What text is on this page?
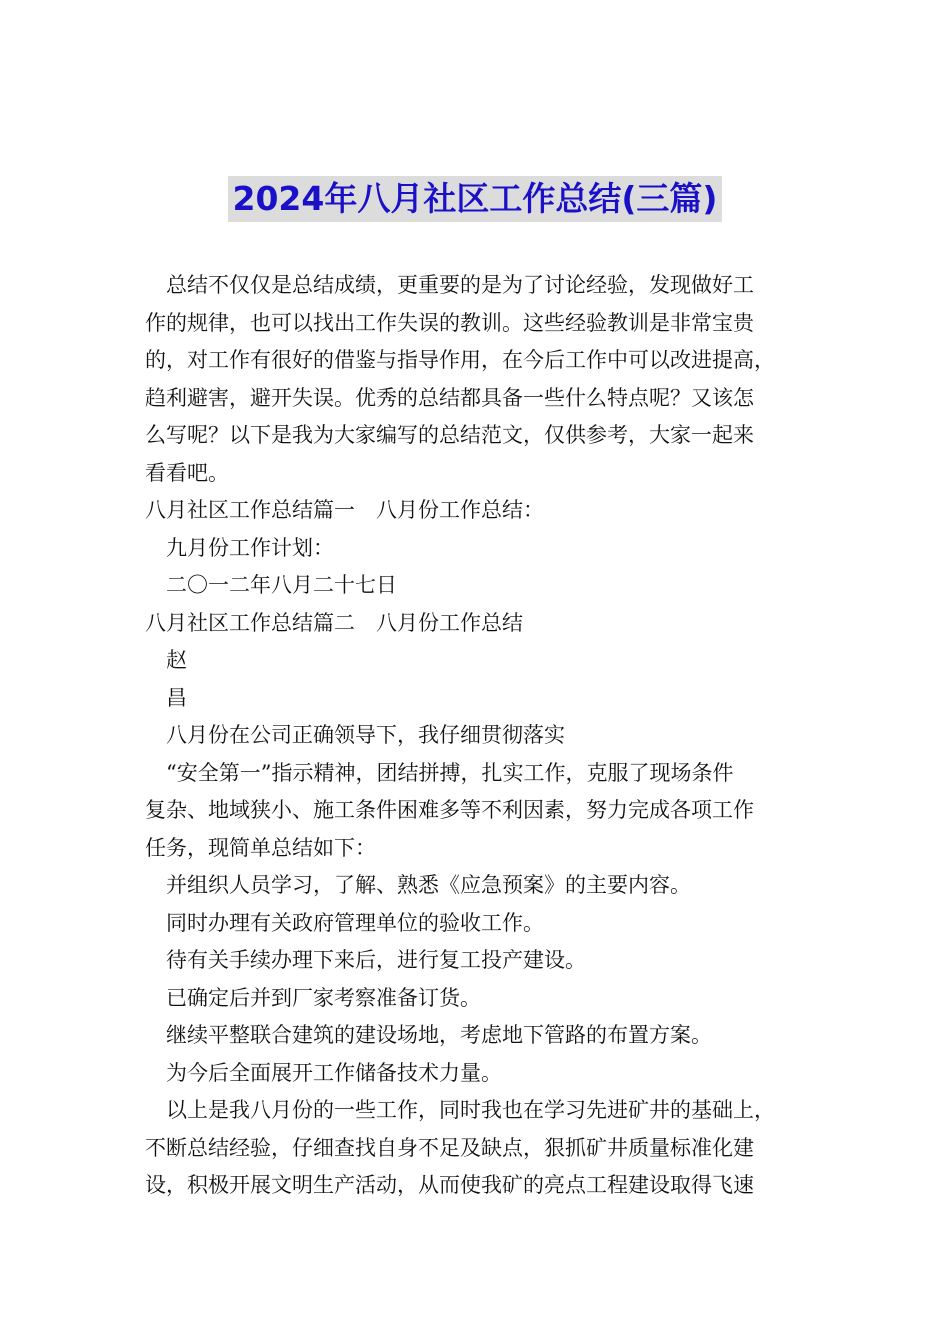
2024年八月社区工作总结(三篇)

总结不仅仅是总结成绩，更重要的是为了讨论经验，发现做好工

作的规律，也可以找出工作失误的教训。这些经验教训是非常宝贵

的，对工作有很好的借鉴与指导作用，在今后工作中可以改进提高，

趋利避害，避开失误。优秀的总结都具备一些什么特点呢？又该怎

么写呢？以下是我为大家编写的总结范文，仅供参考，大家一起来

看看吧。

八月社区工作总结篇一　八月份工作总结：

九月份工作计划：

二〇一二年八月二十七日

八月社区工作总结篇二　八月份工作总结

赵

昌

八月份在公司正确领导下，我仔细贯彻落实

“安全第一”指示精神，团结拼搏，扎实工作，克服了现场条件

复杂、地域狭小、施工条件困难多等不利因素，努力完成各项工作

任务，现简单总结如下：

并组织人员学习，了解、熟悉《应急预案》的主要内容。

同时办理有关政府管理单位的验收工作。

待有关手续办理下来后，进行复工投产建设。

已确定后并到厂家考察准备订货。

继续平整联合建筑的建设场地，考虑地下管路的布置方案。

为今后全面展开工作储备技术力量。

以上是我八月份的一些工作，同时我也在学习先进矿井的基础上，

不断总结经验，仔细查找自身不足及缺点，狠抓矿井质量标准化建

设，积极开展文明生产活动，从而使我矿的亮点工程建设取得飞速
